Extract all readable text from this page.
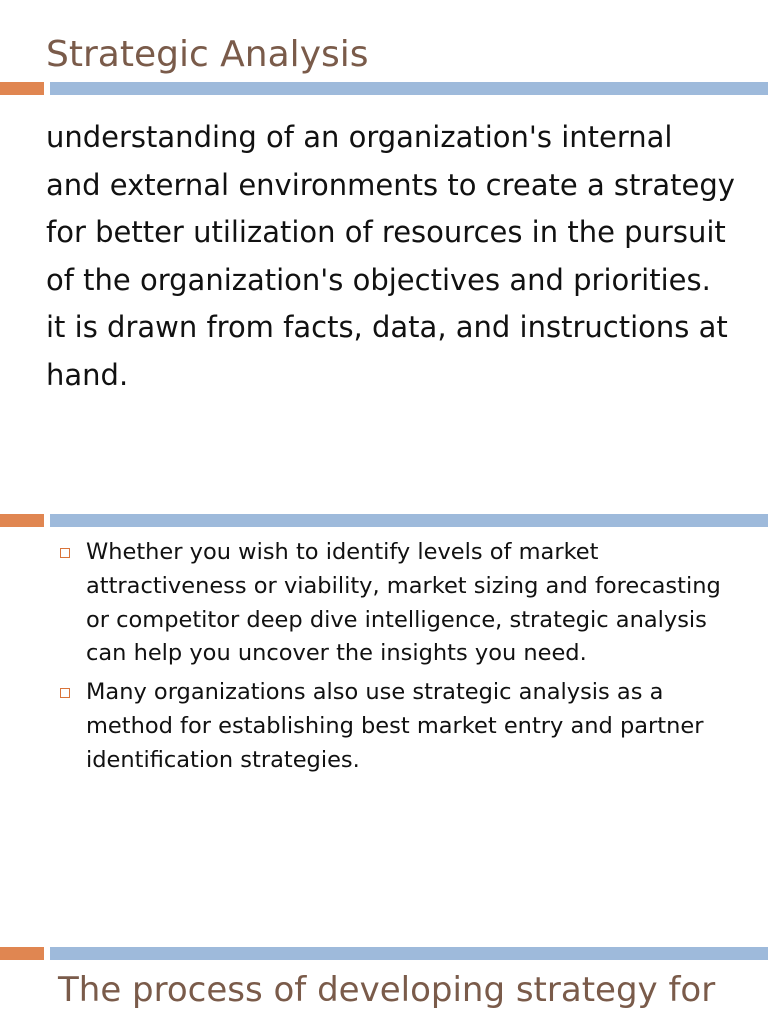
Strategic Analysis

understanding of an organization's internal and external environments to create a strategy for better utilization of resources in the pursuit of the organization's objectives and priorities. it is drawn from facts, data, and instructions at hand.

Whether you wish to identify levels of market attractiveness or viability, market sizing and forecasting or competitor deep dive intelligence, strategic analysis can help you uncover the insights you need.
Many organizations also use strategic analysis as a method for establishing best market entry and partner identification strategies.
The process of developing strategy for
